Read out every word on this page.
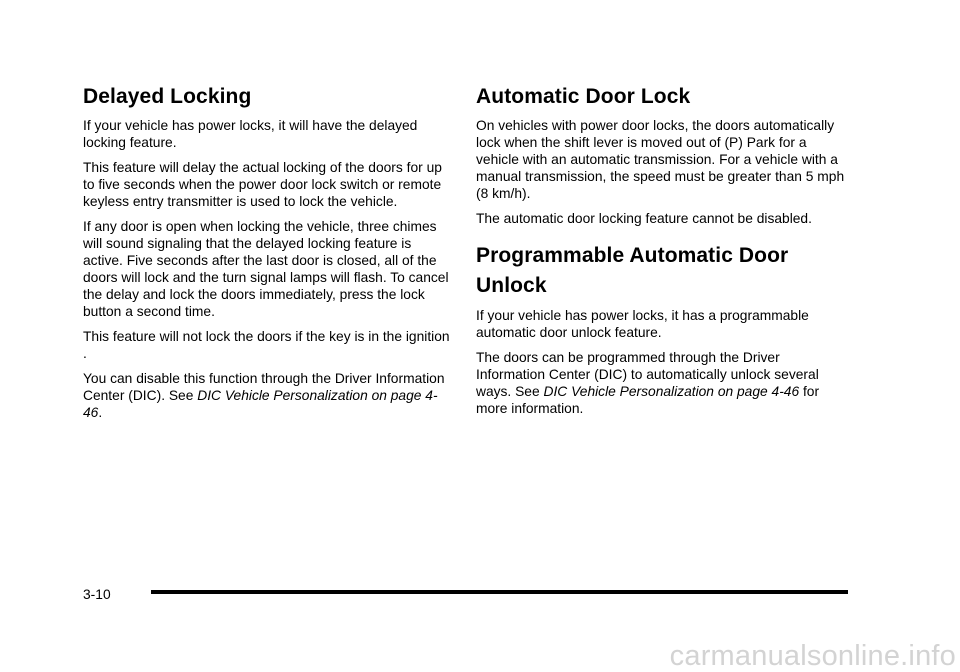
Delayed Locking

If your vehicle has power locks, it will have the delayed locking feature.

This feature will delay the actual locking of the doors for up to five seconds when the power door lock switch or remote keyless entry transmitter is used to lock the vehicle.

If any door is open when locking the vehicle, three chimes will sound signaling that the delayed locking feature is active. Five seconds after the last door is closed, all of the doors will lock and the turn signal lamps will flash. To cancel the delay and lock the doors immediately, press the lock button a second time.

This feature will not lock the doors if the key is in the ignition .

You can disable this function through the Driver Information Center (DIC). See DIC Vehicle Personalization on page 4-46.

Automatic Door Lock

On vehicles with power door locks, the doors automatically lock when the shift lever is moved out of (P) Park for a vehicle with an automatic transmission. For a vehicle with a manual transmission, the speed must be greater than 5 mph (8 km/h).

The automatic door locking feature cannot be disabled.

Programmable Automatic Door Unlock

If your vehicle has power locks, it has a programmable automatic door unlock feature.

The doors can be programmed through the Driver Information Center (DIC) to automatically unlock several ways. See DIC Vehicle Personalization on page 4-46 for more information.

3-10
carmanualsonline.info
